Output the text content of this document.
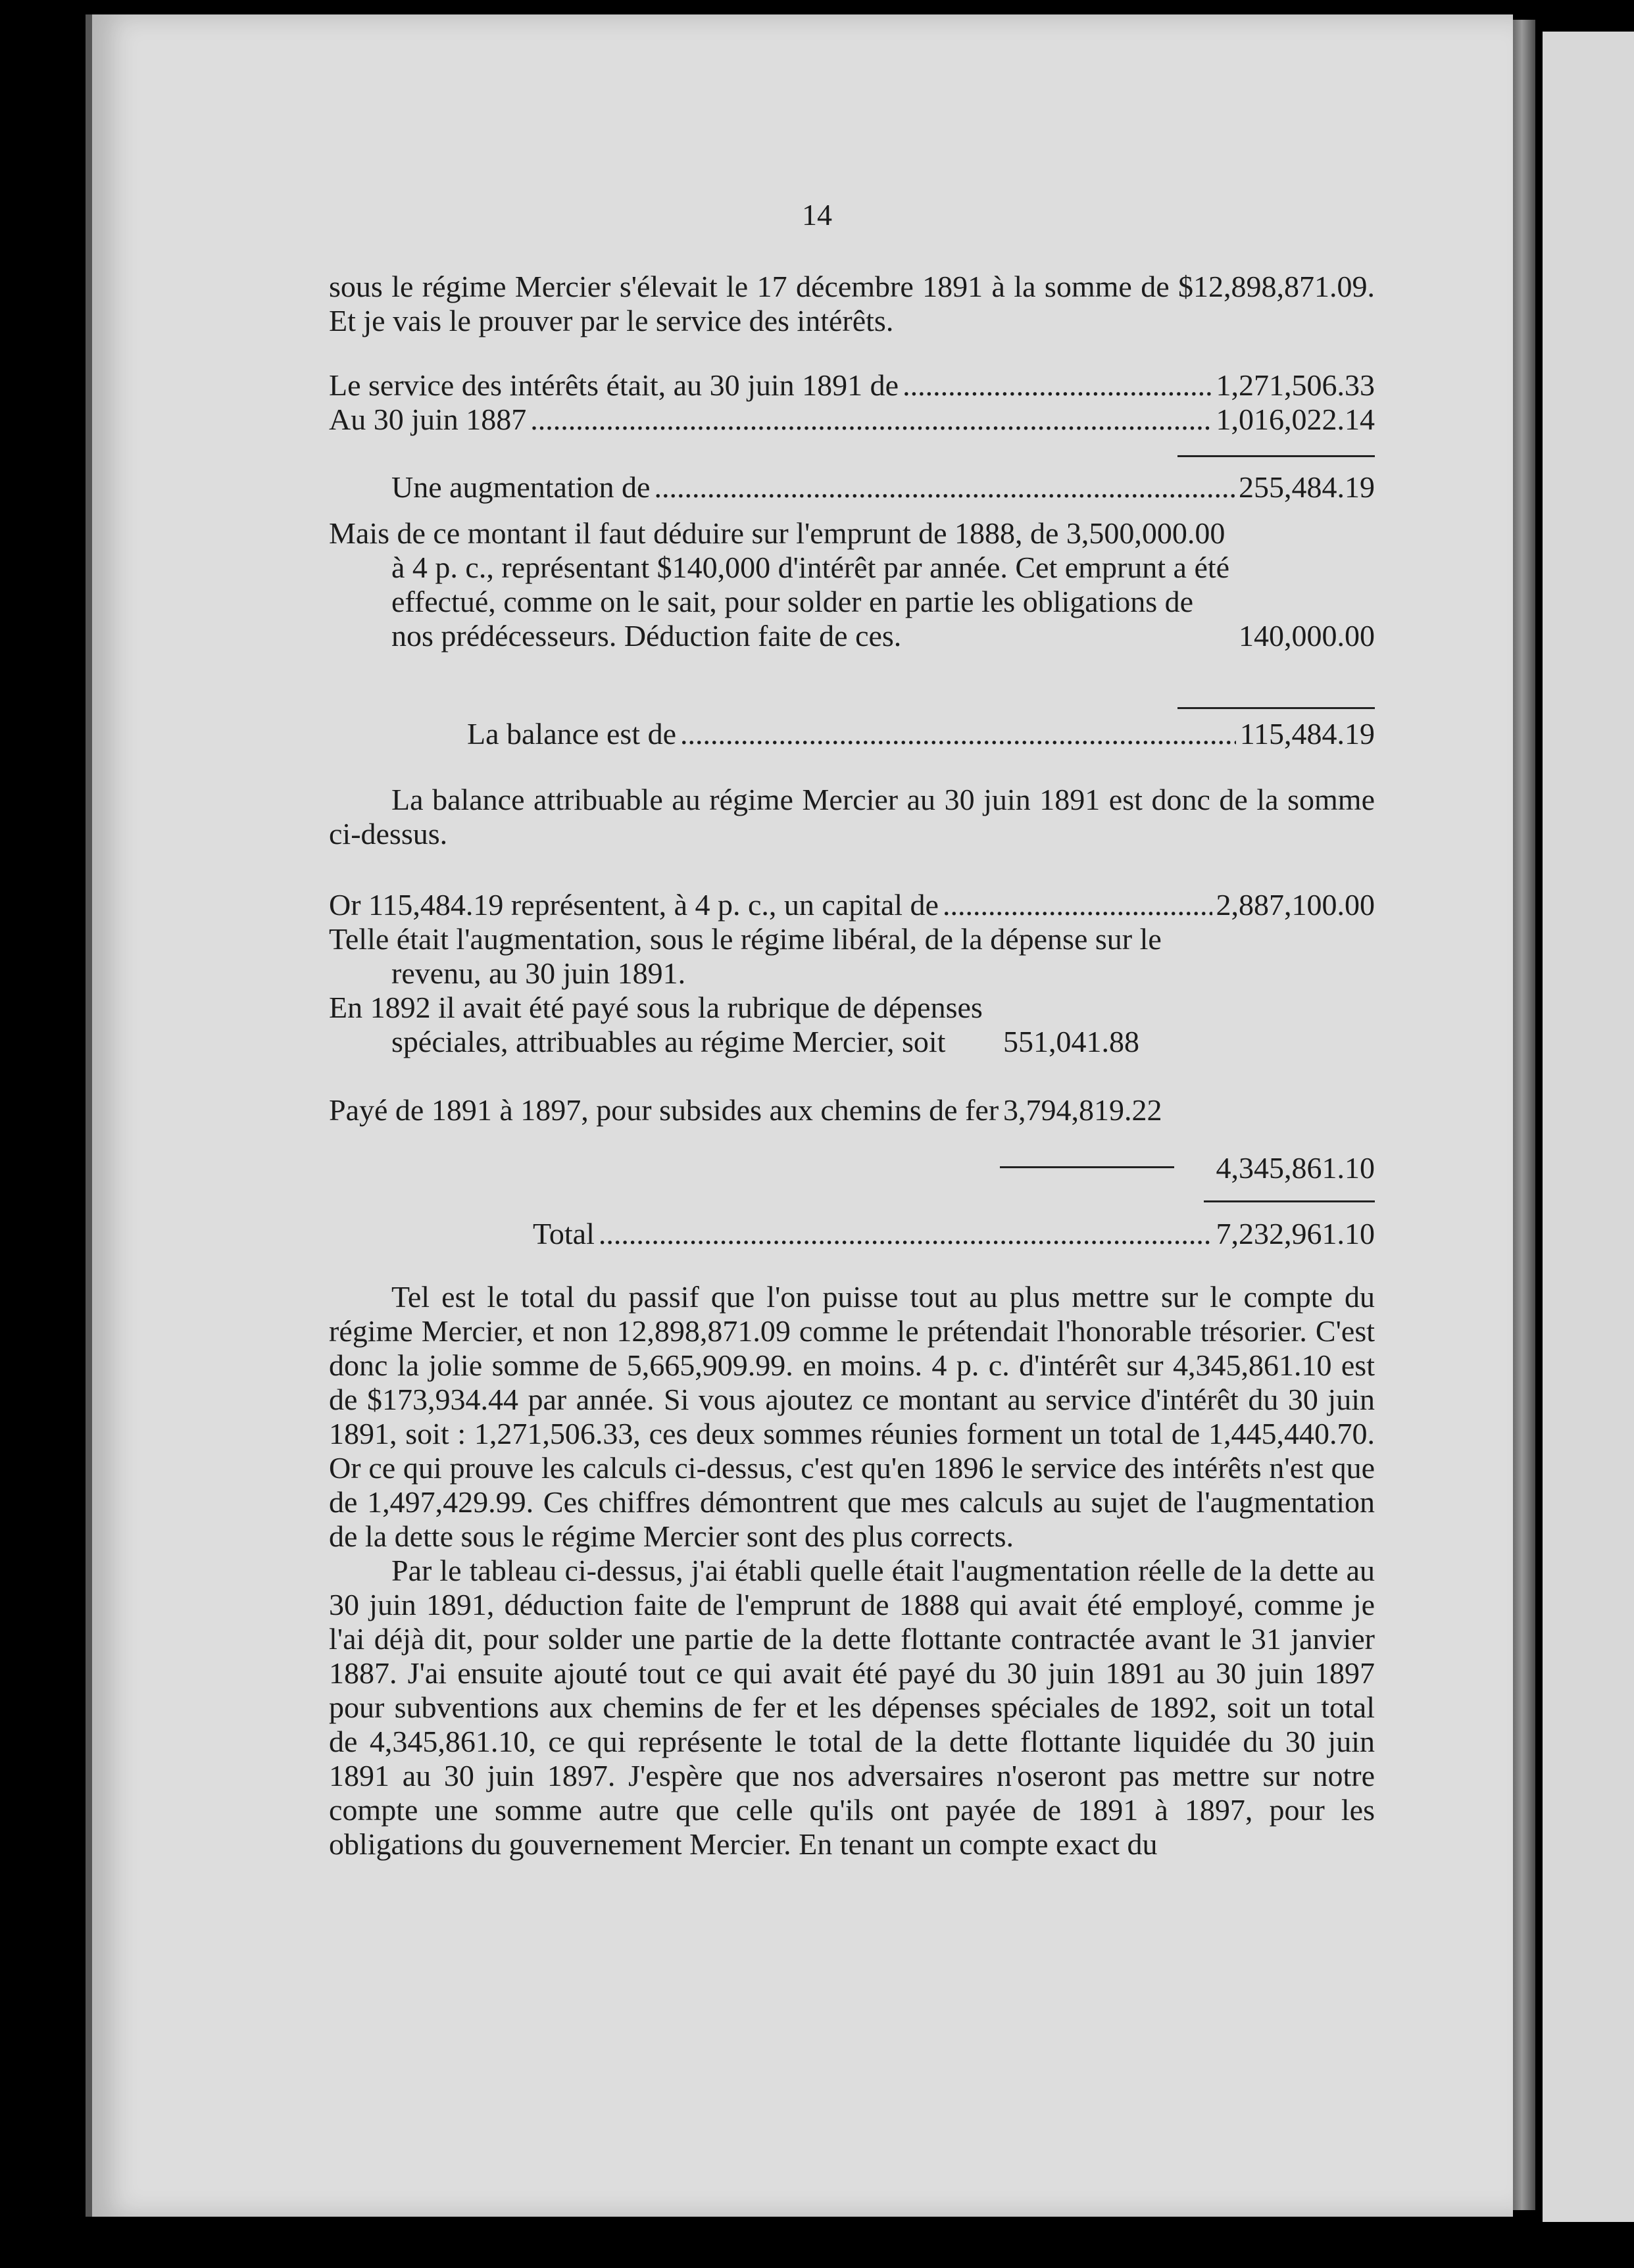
14

sous le régime Mercier s'élevait le 17 décembre 1891 à la somme de $12,898,871.09. Et je vais le prouver par le service des intérêts.

Le service des intérêts était, au 30 juin 1891 de .....	1,271,506.33
Au 30 juin 1887 .....	1,016,022.14
Une augmentation de .....	255,484.19
Mais de ce montant il faut déduire sur l'emprunt de 1888, de 3,500,000.00 à 4 p. c., représentant $140,000 d'intérêt par année. Cet emprunt a été effectué, comme on le sait, pour solder en partie les obligations de nos prédécesseurs. Déduction faite de ces.	140,000.00
La balance est de .....	115,484.19

La balance attribuable au régime Mercier au 30 juin 1891 est donc de la somme ci-dessus.

Or 115,484.19 représentent, à 4 p. c., un capital de .....	2,887,100.00
Telle était l'augmentation, sous le régime libéral, de la dépense sur le revenu, au 30 juin 1891.
En 1892 il avait été payé sous la rubrique de dépenses spéciales, attribuables au régime Mercier, soit 551,041.88
Payé de 1891 à 1897, pour subsides aux chemins de fer 3,794,819.22
4,345,861.10
Total .....	7,232,961.10

Tel est le total du passif que l'on puisse tout au plus mettre sur le compte du régime Mercier, et non 12,898,871.09 comme le prétendait l'honorable trésorier. C'est donc la jolie somme de 5,665,909.99. en moins. 4 p. c. d'intérêt sur 4,345,861.10 est de $173,934.44 par année. Si vous ajoutez ce montant au service d'intérêt du 30 juin 1891, soit : 1,271,506.33, ces deux sommes réunies forment un total de 1,445,440.70. Or ce qui prouve les calculs ci-dessus, c'est qu'en 1896 le service des intérêts n'est que de 1,497,429.99. Ces chiffres démontrent que mes calculs au sujet de l'augmentation de la dette sous le régime Mercier sont des plus corrects.

Par le tableau ci-dessus, j'ai établi quelle était l'augmentation réelle de la dette au 30 juin 1891, déduction faite de l'emprunt de 1888 qui avait été employé, comme je l'ai déjà dit, pour solder une partie de la dette flottante contractée avant le 31 janvier 1887. J'ai ensuite ajouté tout ce qui avait été payé du 30 juin 1891 au 30 juin 1897 pour subventions aux chemins de fer et les dépenses spéciales de 1892, soit un total de 4,345,861.10, ce qui représente le total de la dette flottante liquidée du 30 juin 1891 au 30 juin 1897. J'espère que nos adversaires n'oseront pas mettre sur notre compte une somme autre que celle qu'ils ont payée de 1891 à 1897, pour les obligations du gouvernement Mercier. En tenant un compte exact du
